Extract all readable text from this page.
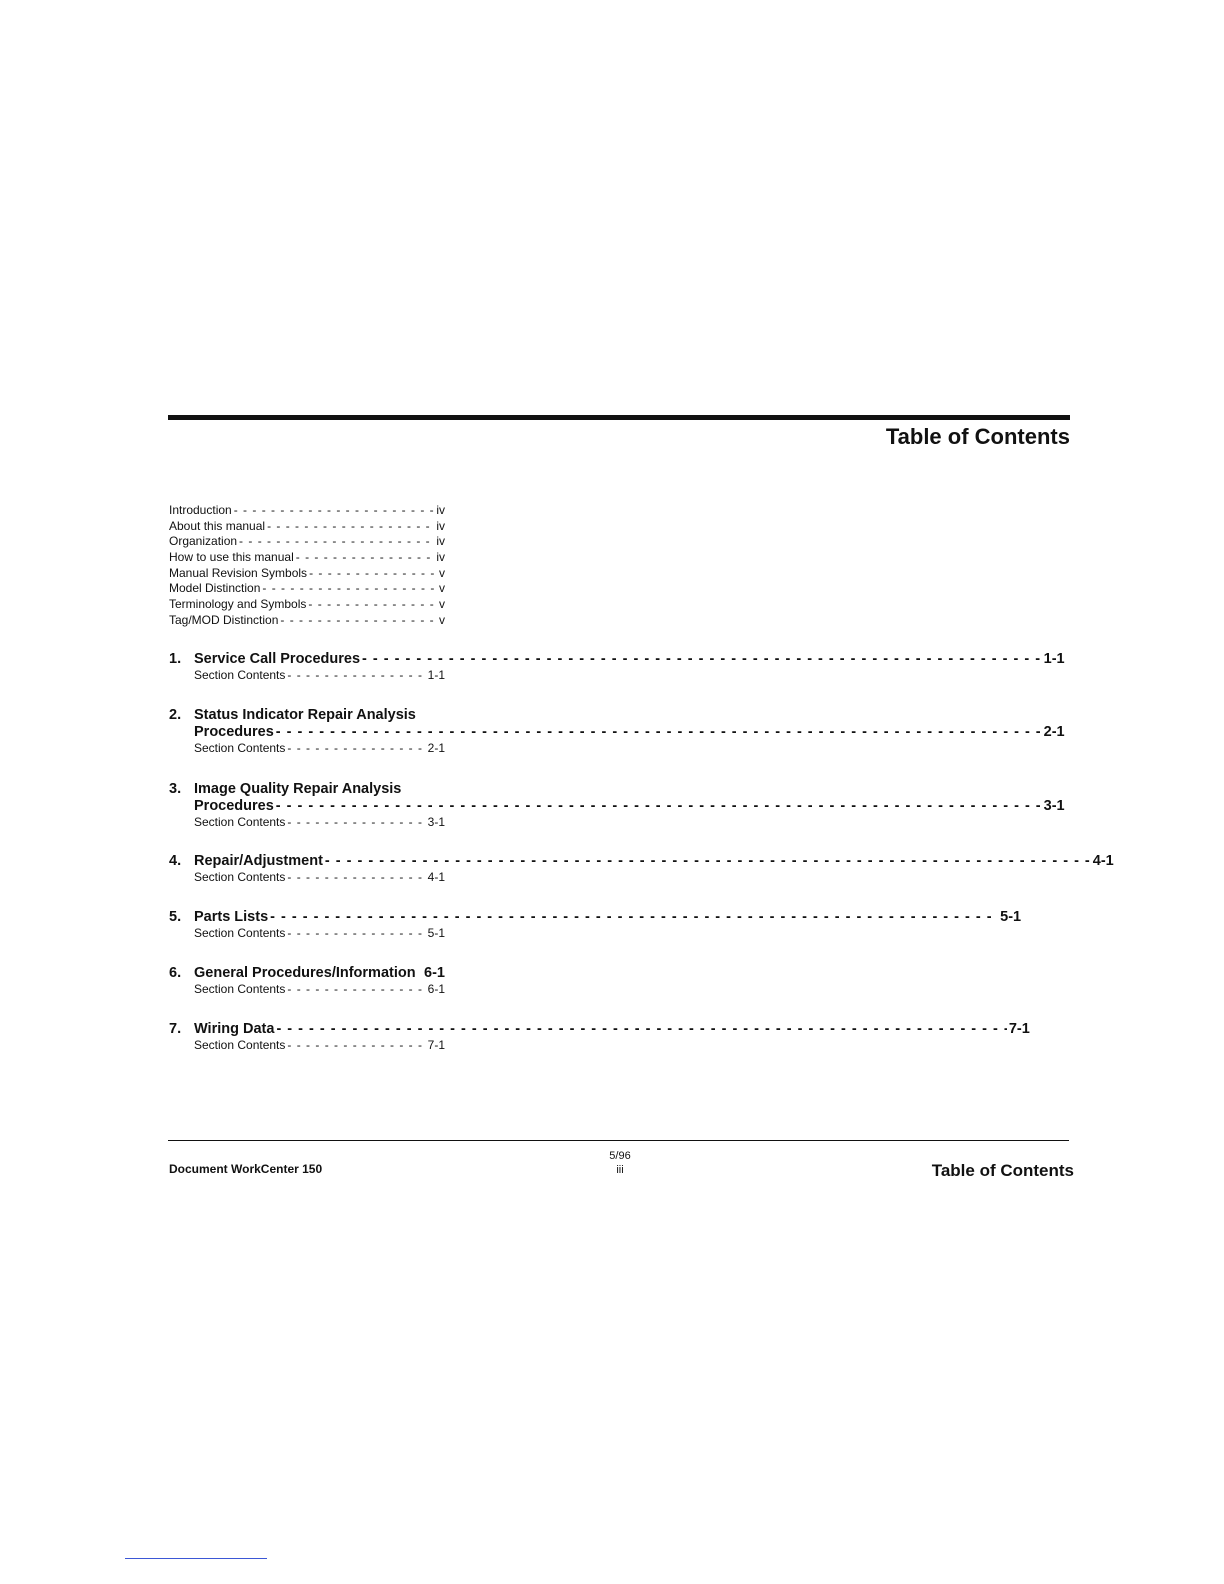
Table of Contents
Introduction - - -	iv
About this manual - - -	iv
Organization - - -	iv
How to use this manual - - -	iv
Manual Revision Symbols - - -	v
Model Distinction - - -	v
Terminology and Symbols - - -	v
Tag/MOD Distinction - - -	v
1. Service Call Procedures - - -	1-1
Section Contents - - -	1-1
2. Status Indicator Repair Analysis
Procedures - - -	2-1
Section Contents - - -	2-1
3. Image Quality Repair Analysis
Procedures - - -	3-1
Section Contents - - -	3-1
4. Repair/Adjustment - - -	4-1
Section Contents - - -	4-1
5. Parts Lists - - -	5-1
Section Contents - - -	5-1
6. General Procedures/Information 6-1
Section Contents - - -	6-1
7. Wiring Data - - -	7-1
Section Contents - - -	7-1
Document WorkCenter 150
5/96
iii	Table of Contents
